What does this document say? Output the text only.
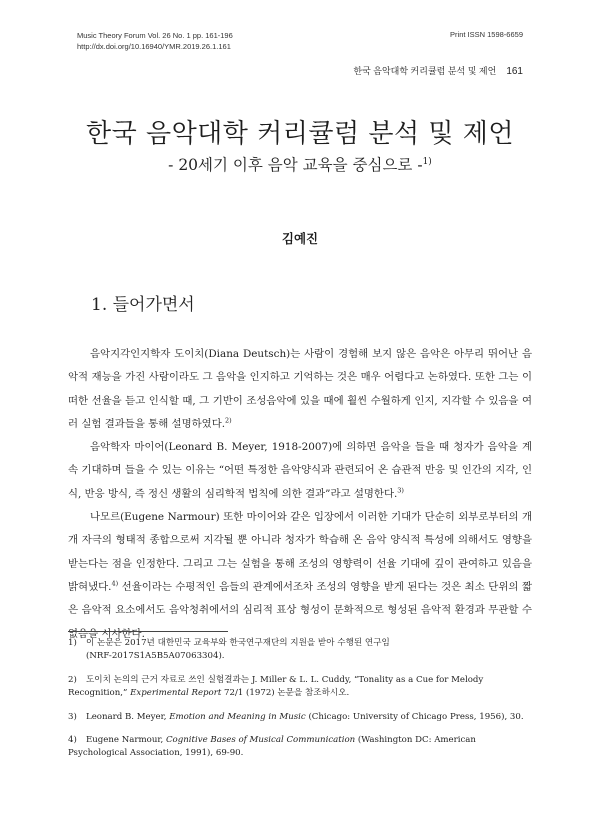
Music Theory Forum Vol. 26 No. 1 pp. 161-196
http://dx.doi.org/10.16940/YMR.2019.26.1.161
Print ISSN 1598-6659
한국 음악대학 커리큘럼 분석 및 제언 161
한국 음악대학 커리큘럼 분석 및 제언
- 20세기 이후 음악 교육을 중심으로 -$^{1)}$
김예진
1. 들어가면서

음악지각인지학자 도이치(Diana Deutsch)는 사람이 경험해 보지 않은 음악은 아무리 뛰어난 음악적 재능을 가진 사람이라도 그 음악을 인지하고 기억하는 것은 매우 어렵다고 논하였다. 또한 그는 이떠한 선율을 듣고 인식할 때, 그 기반이 조성음악에 있을 때에 훨씬 수월하게 인지, 지각할 수 있음을 여러 실험 결과들을 통해 설명하였다.$^{2)}$

음악학자 마이어(Leonard B. Meyer, 1918-2007)에 의하면 음악을 들을 때 청자가 음악을 계속 기대하며 들을 수 있는 이유는 “어떤 특정한 음악양식과 관련되어 온 습관적 반응 및 인간의 지각, 인식, 반응 방식, 즉 정신 생활의 심리학적 법칙에 의한 결과”라고 설명한다.$^{3)}$

나모르(Eugene Narmour) 또한 마이어와 같은 입장에서 이러한 기대가 단순히 외부로부터의 개개 자극의 형태적 종합으로써 지각될 뿐 아니라 청자가 학습해 온 음악 양식적 특성에 의해서도 영향을 받는다는 점을 인정한다. 그리고 그는 실험을 통해 조성의 영향력이 선율 기대에 깊이 관여하고 있음을 밝혀냈다.$^{4)}$ 선율이라는 수평적인 음들의 관계에서조차 조성의 영향을 받게 된다는 것은 최소 단위의 짧은 음악적 요소에서도 음악청취에서의 심리적 표상 형성이 문화적으로 형성된 음악적 환경과 무관할 수 없음을 시사한다.

1) 이 논문은 2017년 대한민국 교육부와 한국연구재단의 지원을 받아 수행된 연구임
(NRF-2017S1A5B5A07063304).
2) 도이치 논의의 근거 자료로 쓰인 실험결과는 J. Miller & L. L. Cuddy, “Tonality as a Cue for Melody Recognition,” Experimental Report 72/1 (1972) 논문을 참조하시오.
3) Leonard B. Meyer, Emotion and Meaning in Music (Chicago: University of Chicago Press, 1956), 30.
4) Eugene Narmour, Cognitive Bases of Musical Communication (Washington DC: American Psychological Association, 1991), 69-90.
